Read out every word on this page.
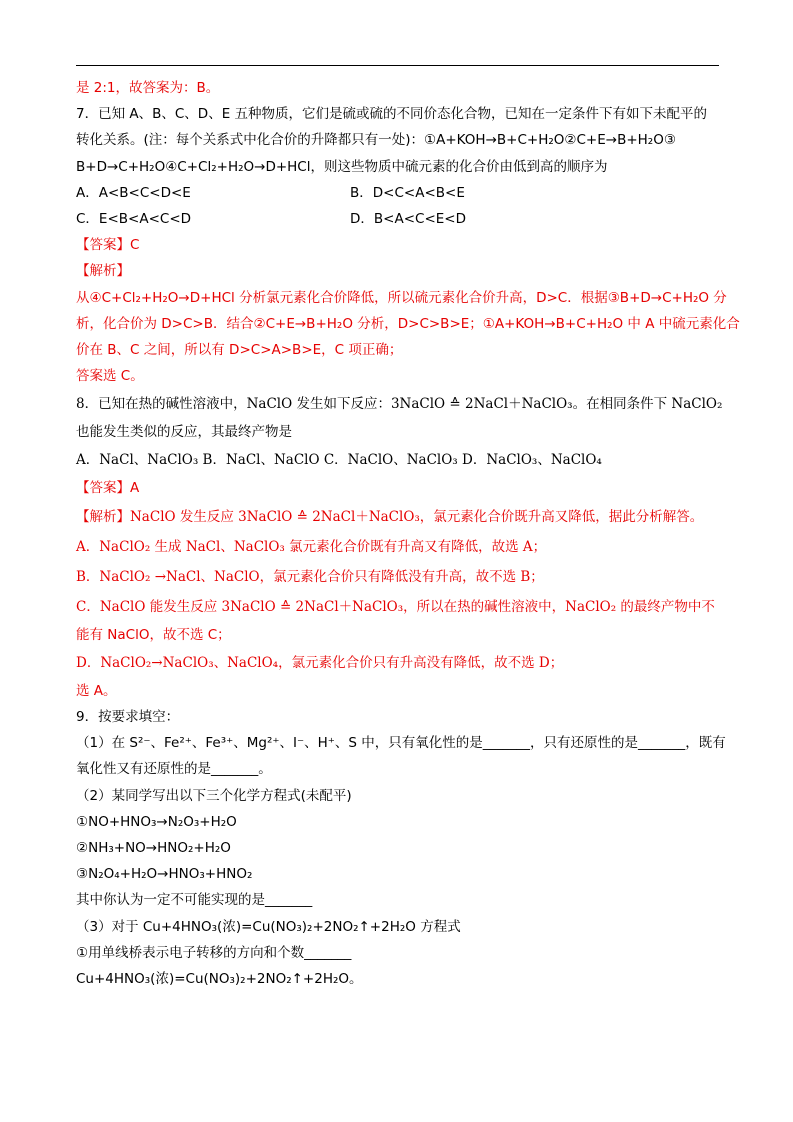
是 2:1，故答案为：B。
7．已知 A、B、C、D、E 五种物质，它们是硫或硫的不同价态化合物，已知在一定条件下有如下未配平的
转化关系。(注：每个关系式中化合价的升降都只有一处)：①A+KOH→B+C+H₂O②C+E→B+H₂O③
B+D→C+H₂O④C+Cl₂+H₂O→D+HCl，则这些物质中硫元素的化合价由低到高的顺序为
A．A<B<C<D<E	B．D<C<A<B<E
C．E<B<A<C<D	D．B<A<C<E<D
【答案】C
【解析】
从④C+Cl₂+H₂O→D+HCl 分析氯元素化合价降低，所以硫元素化合价升高，D>C．根据③B+D→C+H₂O 分
析，化合价为 D>C>B．结合②C+E→B+H₂O 分析，D>C>B>E；①A+KOH→B+C+H₂O 中 A 中硫元素化合
价在 B、C 之间，所以有 D>C>A>B>E，C 项正确；
答案选 C。
8．已知在热的碱性溶液中，NaClO 发生如下反应：3NaClO ≙ 2NaCl＋NaClO₃。在相同条件下 NaClO₂
也能发生类似的反应，其最终产物是
A．NaCl、NaClO₃ B．NaCl、NaClO C．NaClO、NaClO₃ D．NaClO₃、NaClO₄
【答案】A
【解析】NaClO 发生反应 3NaClO ≙ 2NaCl＋NaClO₃，氯元素化合价既升高又降低，据此分析解答。
A．NaClO₂ 生成 NaCl、NaClO₃ 氯元素化合价既有升高又有降低，故选 A；
B．NaClO₂ →NaCl、NaClO，氯元素化合价只有降低没有升高，故不选 B；
C．NaClO 能发生反应 3NaClO ≙ 2NaCl＋NaClO₃，所以在热的碱性溶液中，NaClO₂ 的最终产物中不
能有 NaClO，故不选 C；
D．NaClO₂→NaClO₃、NaClO₄，氯元素化合价只有升高没有降低，故不选 D；
选 A。
9．按要求填空：
（1）在 S²⁻、Fe²⁺、Fe³⁺、Mg²⁺、I⁻、H⁺、S 中，只有氧化性的是_______，只有还原性的是_______，既有
氧化性又有还原性的是_______。
（2）某同学写出以下三个化学方程式(未配平)
①NO+HNO₃→N₂O₃+H₂O
②NH₃+NO→HNO₂+H₂O
③N₂O₄+H₂O→HNO₃+HNO₂
其中你认为一定不可能实现的是_______
（3）对于 Cu+4HNO₃(浓)=Cu(NO₃)₂+2NO₂↑+2H₂O 方程式
①用单线桥表示电子转移的方向和个数_______
Cu+4HNO₃(浓)=Cu(NO₃)₂+2NO₂↑+2H₂O。
